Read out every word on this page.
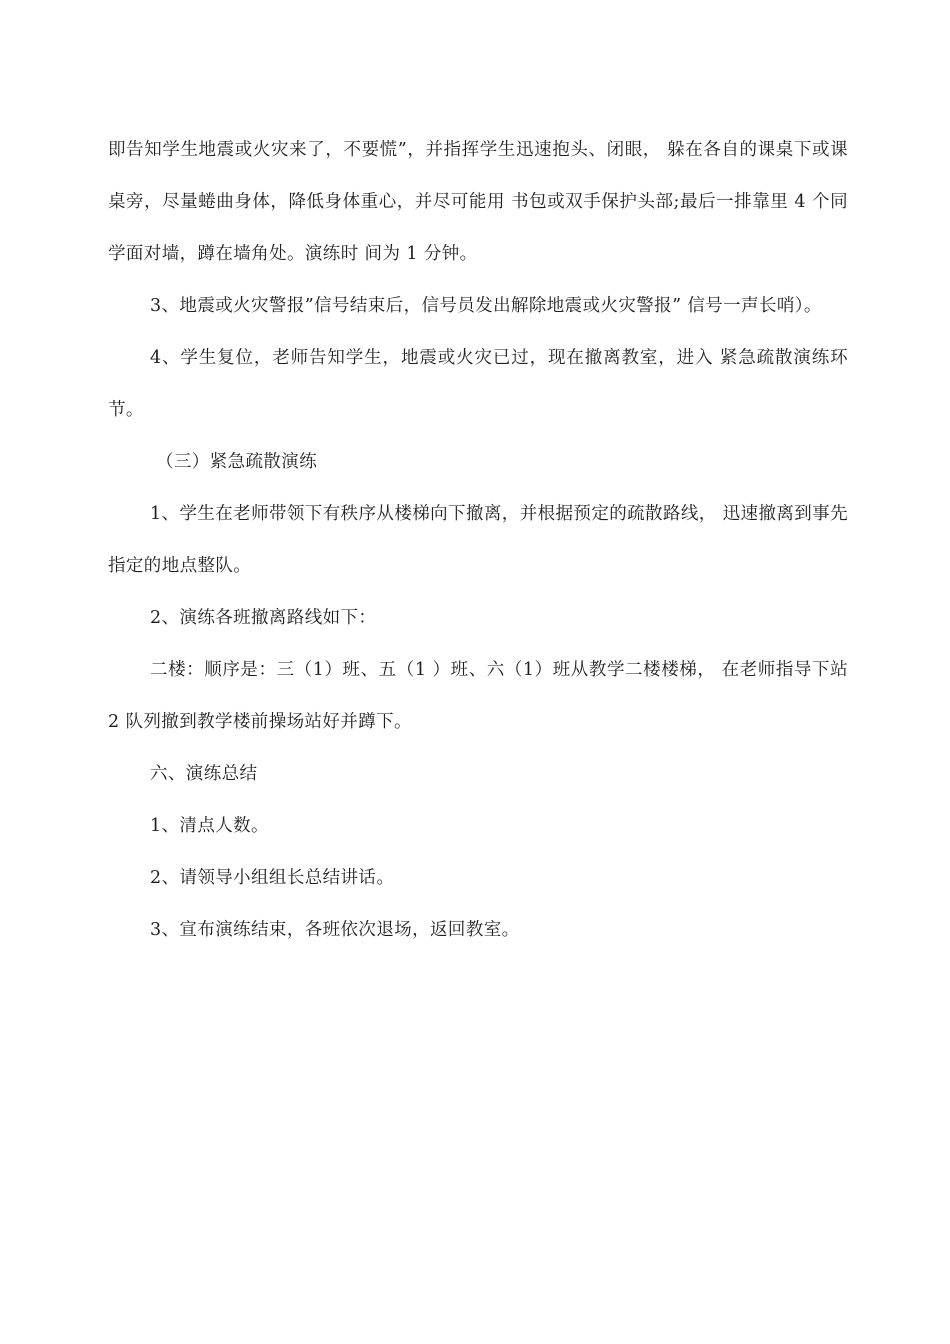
即告知学生地震或火灾来了，不要慌”，并指挥学生迅速抱头、闭眼， 躲在各自的课桌下或课桌旁，尽量蜷曲身体，降低身体重心，并尽可能用 书包或双手保护头部;最后一排靠里 4 个同学面对墙，蹲在墙角处。演练时 间为 1 分钟。

3、地震或火灾警报”信号结束后，信号员发出解除地震或火灾警报” 信号一声长哨）。

4、学生复位，老师告知学生，地震或火灾已过，现在撤离教室，进入 紧急疏散演练环节。

（三）紧急疏散演练

1、学生在老师带领下有秩序从楼梯向下撤离，并根据预定的疏散路线， 迅速撤离到事先指定的地点整队。

2、演练各班撤离路线如下：

二楼：顺序是：三（1）班、五（1 ）班、六（1）班从教学二楼楼梯， 在老师指导下站 2 队列撤到教学楼前操场站好并蹲下。

六、演练总结

1、清点人数。

2、请领导小组组长总结讲话。

3、宣布演练结束，各班依次退场，返回教室。
